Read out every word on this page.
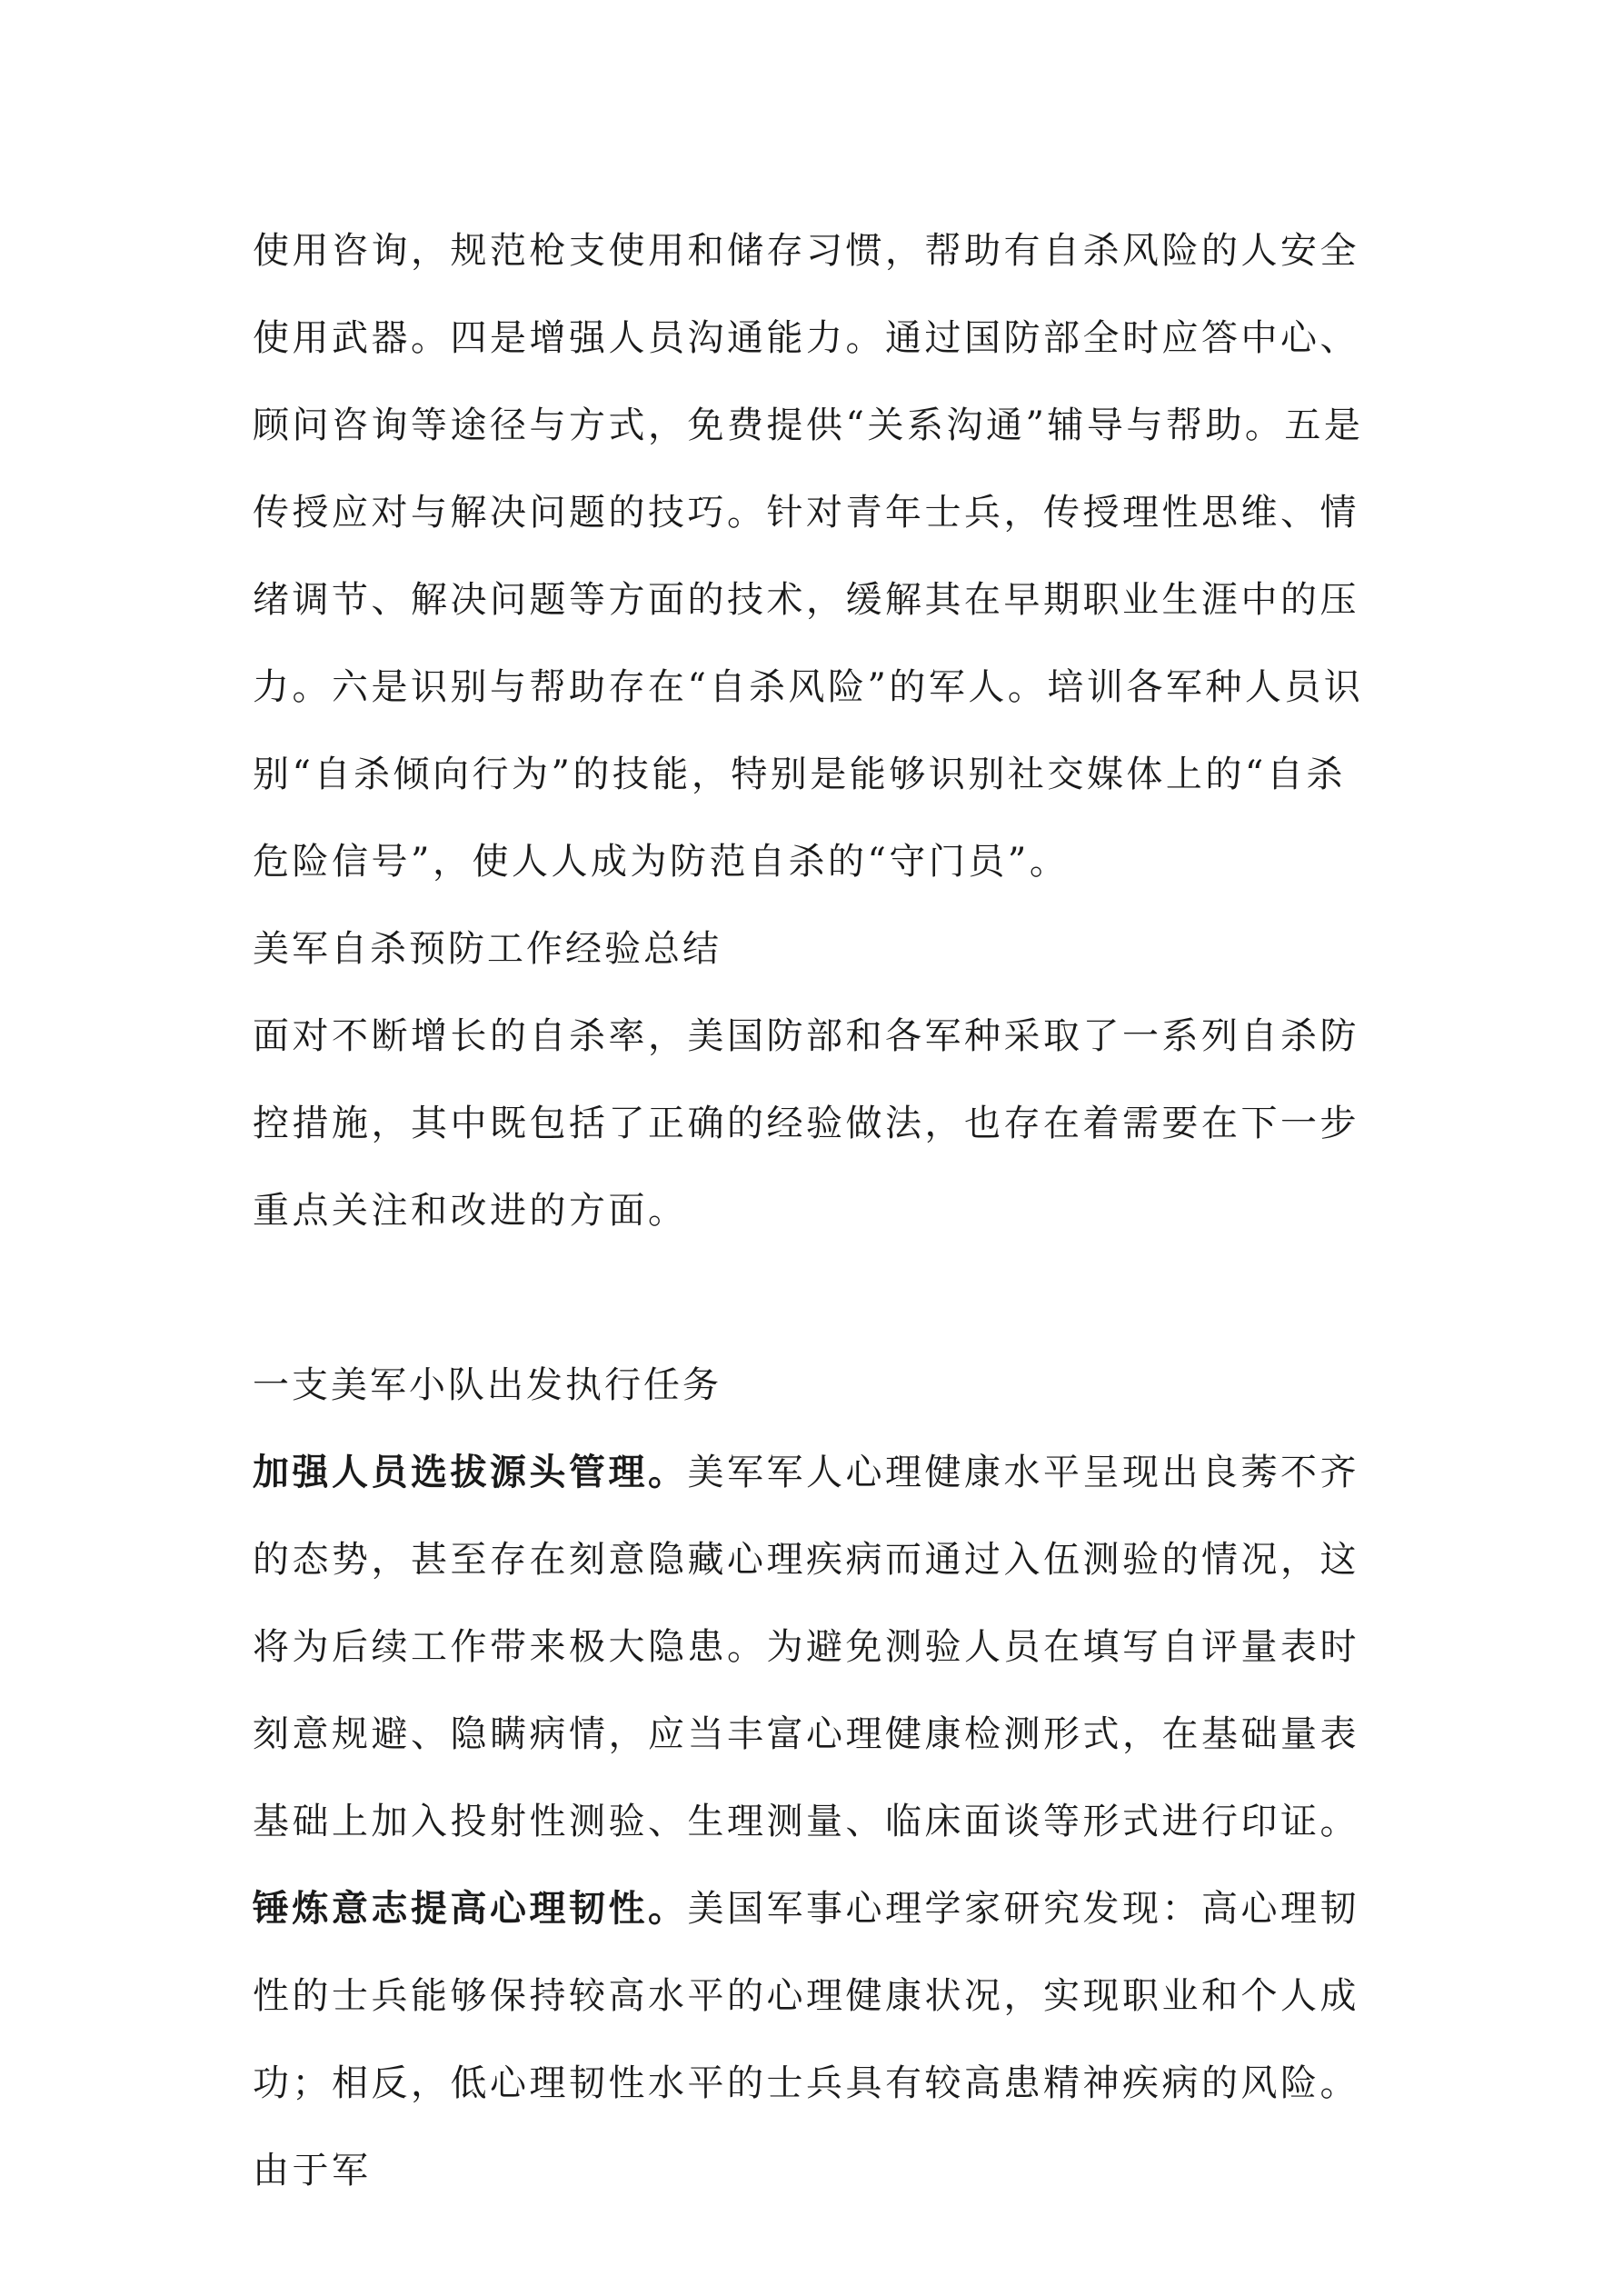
使用咨询，规范枪支使用和储存习惯，帮助有自杀风险的人安全使用武器。四是增强人员沟通能力。通过国防部全时应答中心、顾问咨询等途径与方式，免费提供“关系沟通”辅导与帮助。五是传授应对与解决问题的技巧。针对青年士兵，传授理性思维、情绪调节、解决问题等方面的技术，缓解其在早期职业生涯中的压力。六是识别与帮助存在“自杀风险”的军人。培训各军种人员识别“自杀倾向行为”的技能，特别是能够识别社交媒体上的“自杀危险信号”，使人人成为防范自杀的“守门员”。

美军自杀预防工作经验总结

面对不断增长的自杀率，美国防部和各军种采取了一系列自杀防控措施，其中既包括了正确的经验做法，也存在着需要在下一步重点关注和改进的方面。

一支美军小队出发执行任务

加强人员选拔源头管理。美军军人心理健康水平呈现出良莠不齐的态势，甚至存在刻意隐藏心理疾病而通过入伍测验的情况，这将为后续工作带来极大隐患。为避免测验人员在填写自评量表时刻意规避、隐瞒病情，应当丰富心理健康检测形式，在基础量表基础上加入投射性测验、生理测量、临床面谈等形式进行印证。

锤炼意志提高心理韧性。美国军事心理学家研究发现：高心理韧性的士兵能够保持较高水平的心理健康状况，实现职业和个人成功；相反，低心理韧性水平的士兵具有较高患精神疾病的风险。由于军
